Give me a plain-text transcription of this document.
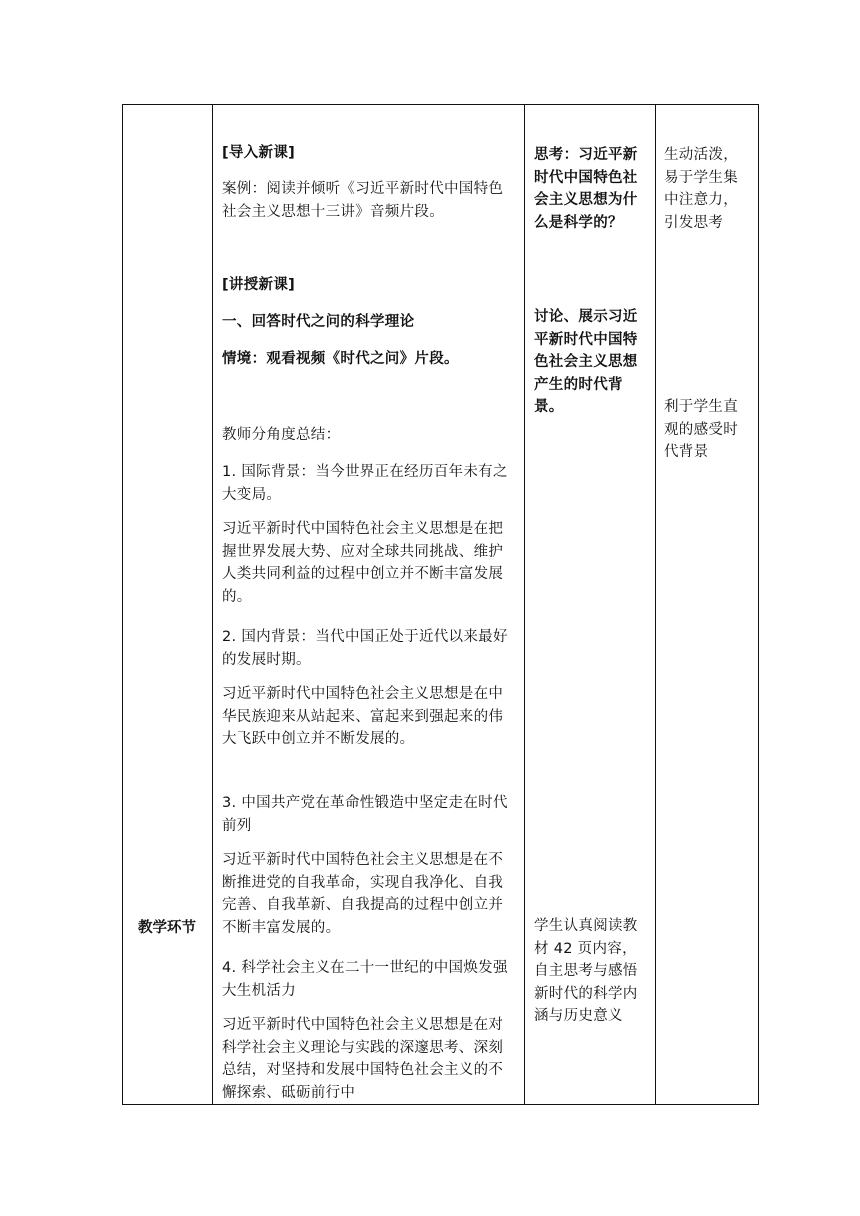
教学环节

[导入新课]

案例：阅读并倾听《习近平新时代中国特色社会主义思想十三讲》音频片段。

[讲授新课]

一、回答时代之问的科学理论

情境：观看视频《时代之问》片段。

教师分角度总结：

1. 国际背景：当今世界正在经历百年未有之大变局。

习近平新时代中国特色社会主义思想是在把握世界发展大势、应对全球共同挑战、维护人类共同利益的过程中创立并不断丰富发展的。

2. 国内背景：当代中国正处于近代以来最好的发展时期。

习近平新时代中国特色社会主义思想是在中华民族迎来从站起来、富起来到强起来的伟大飞跃中创立并不断发展的。

3. 中国共产党在革命性锻造中坚定走在时代前列

习近平新时代中国特色社会主义思想是在不断推进党的自我革命，实现自我净化、自我完善、自我革新、自我提高的过程中创立并不断丰富发展的。

4. 科学社会主义在二十一世纪的中国焕发强大生机活力

习近平新时代中国特色社会主义思想是在对科学社会主义理论与实践的深邃思考、深刻总结，对坚持和发展中国特色社会主义的不懈探索、砥砺前行中

思考：习近平新时代中国特色社会主义思想为什么是科学的？

讨论、展示习近平新时代中国特色社会主义思想产生的时代背景。

学生认真阅读教材 42 页内容，自主思考与感悟新时代的科学内涵与历史意义

生动活泼，易于学生集中注意力，引发思考

利于学生直观的感受时代背景
